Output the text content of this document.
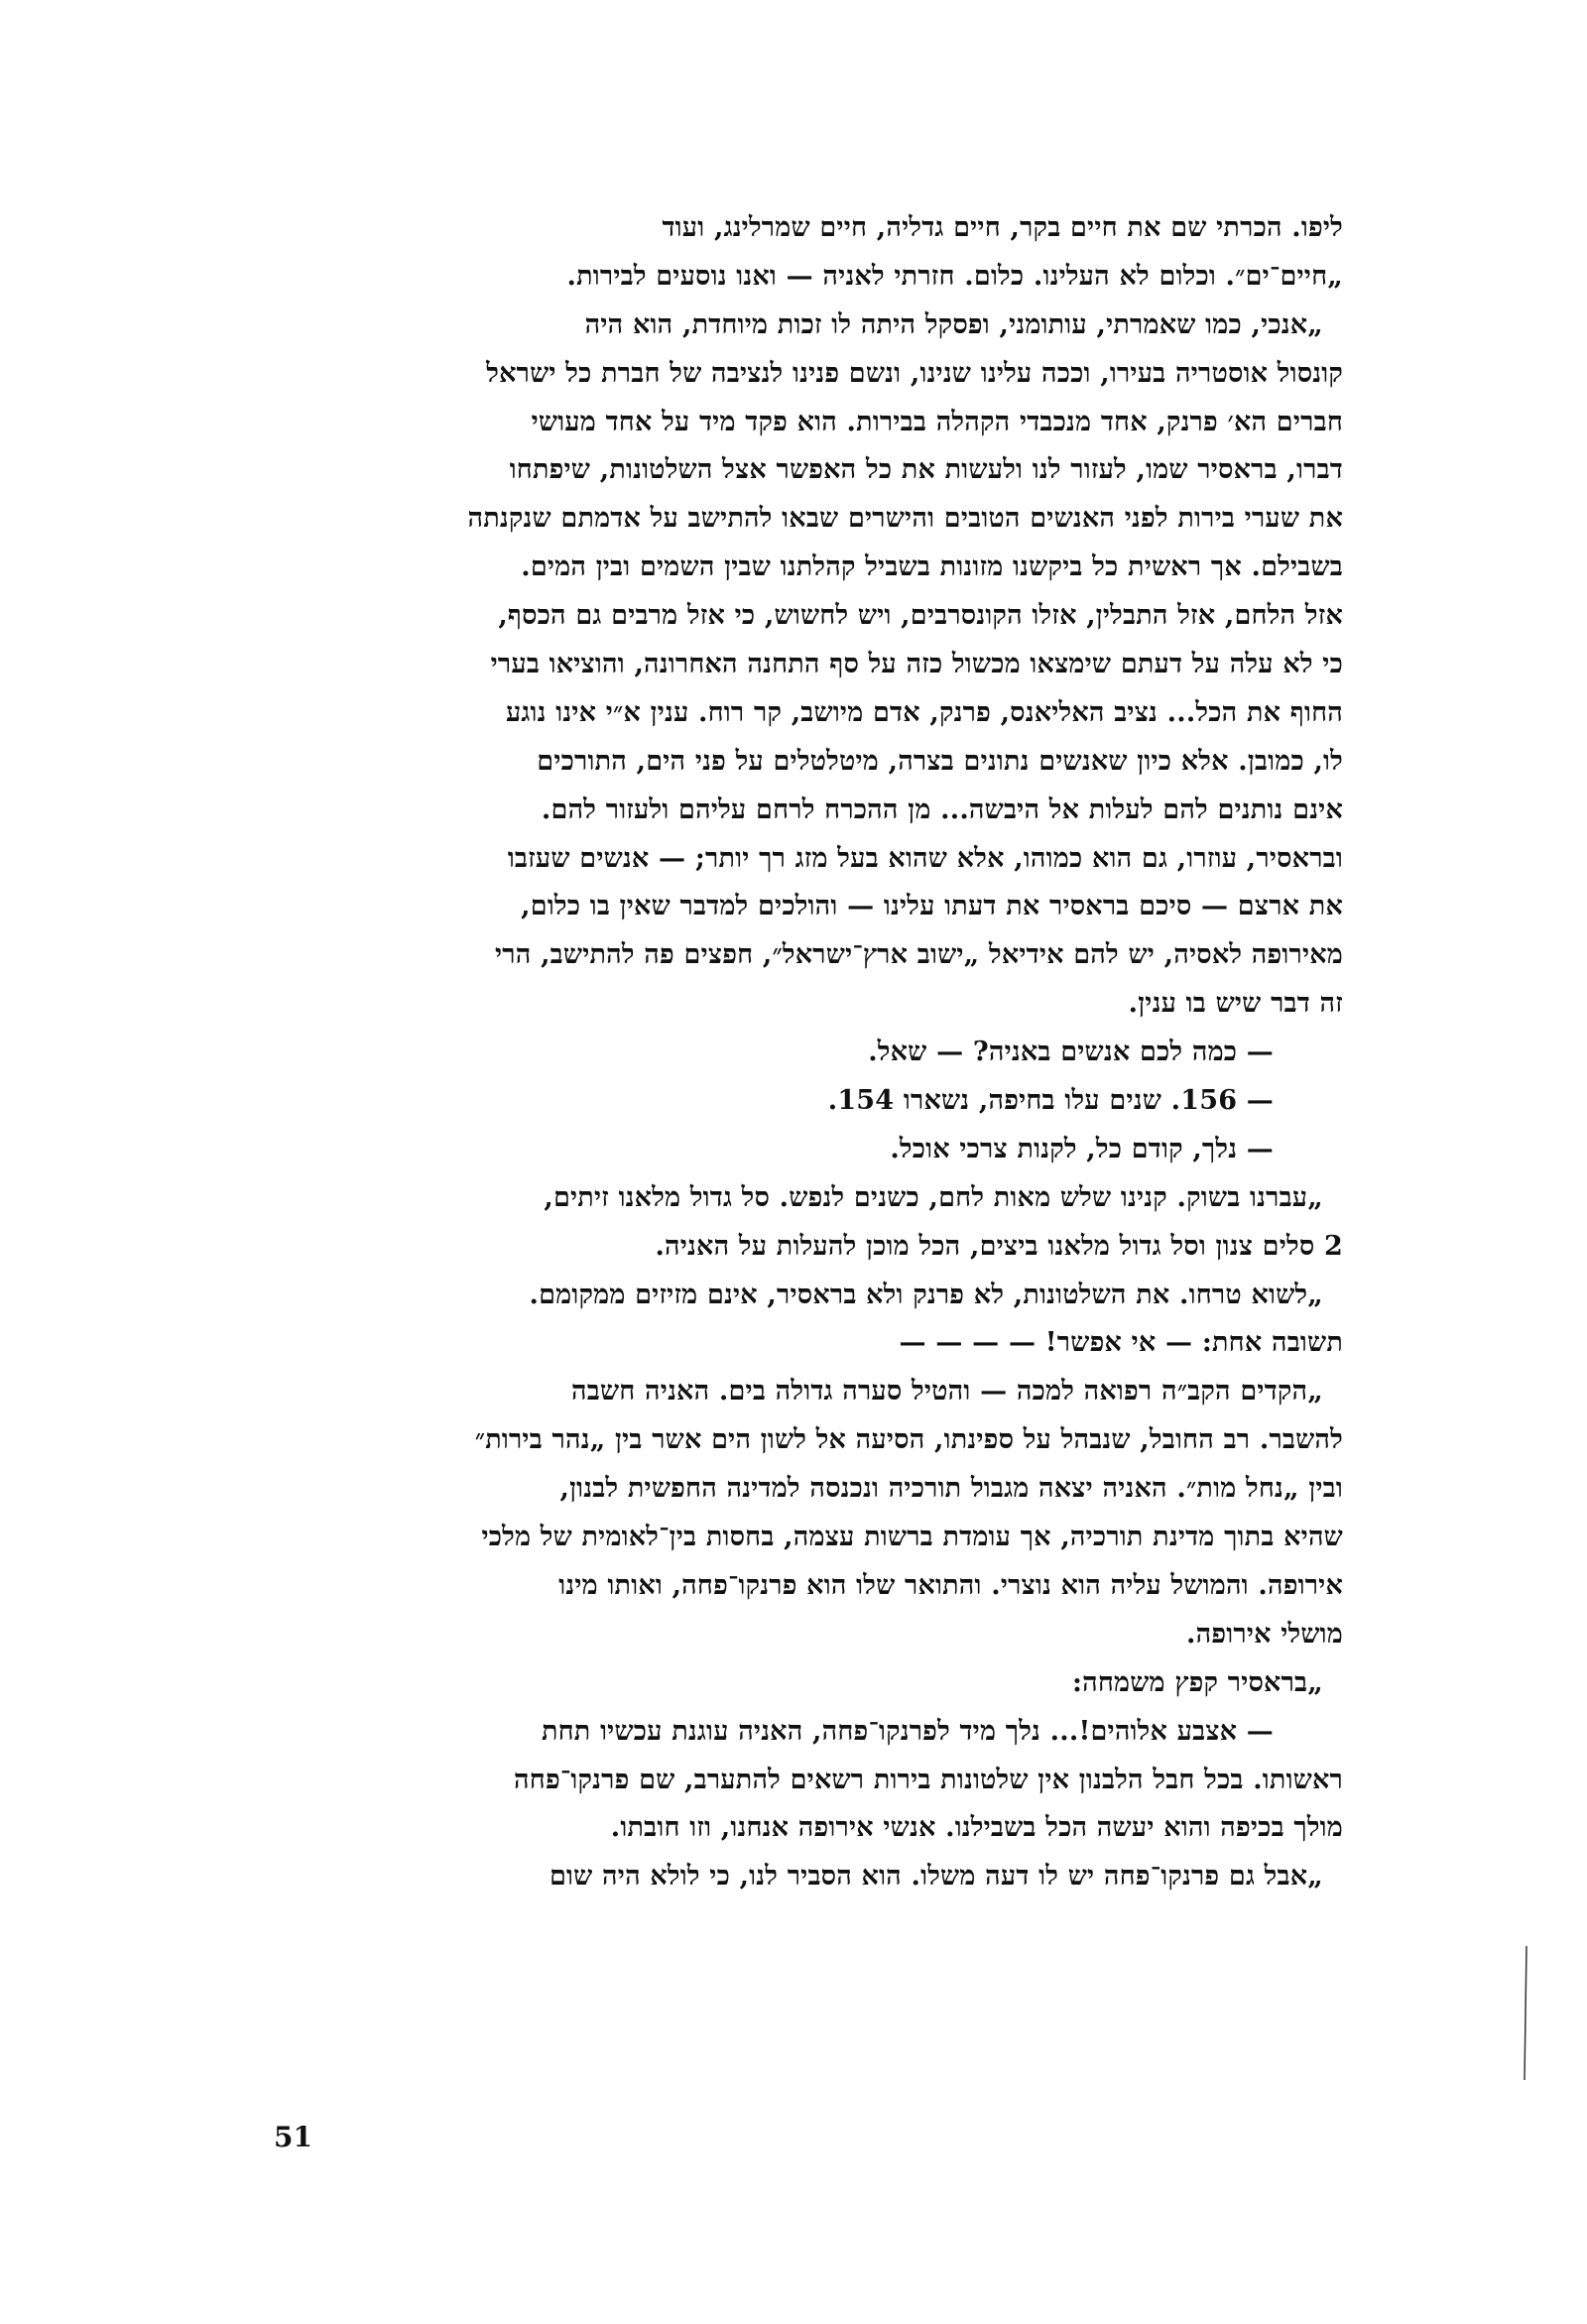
ליפו. הכרתי שם את חיים בקר, חיים גדליה, חיים שמרלינג, ועוד
„חיים־ים״. וכלום לא העלינו. כלום. חזרתי לאניה — ואנו נוסעים לבירות.
„אנכי, כמו שאמרתי, עותומני, ופסקל היתה לו זכות מיוחדת, הוא היה
קונסול אוסטריה בעירו, וככה עלינו שנינו, ונשם פנינו לנציבה של חברת כל ישראל
חברים הא׳ פרנק, אחד מנכבדי הקהלה בבירות. הוא פקד מיד על אחד מעושי
דברו, בראסיר שמו, לעזור לנו ולעשות את כל האפשר אצל השלטונות, שיפתחו
את שערי בירות לפני האנשים הטובים והישרים שבאו להתישב על אדמתם שנקנתה
בשבילם. אך ראשית כל ביקשנו מזונות בשביל קהלתנו שבין השמים ובין המים.
אזל הלחם, אזל התבלין, אזלו הקונסרבים, ויש לחשוש, כי אזל מרבים גם הכסף,
כי לא עלה על דעתם שימצאו מכשול כזה על סף התחנה האחרונה, והוציאו בערי
החוף את הכל... נציב האליאנס, פרנק, אדם מיושב, קר רוח. ענין א״י אינו נוגע
לו, כמובן. אלא כיון שאנשים נתונים בצרה, מיטלטלים על פני הים, התורכים
אינם נותנים להם לעלות אל היבשה... מן ההכרח לרחם עליהם ולעזור להם.
ובראסיר, עוזרו, גם הוא כמוהו, אלא שהוא בעל מזג רך יותר; — אנשים שעזבו
את ארצם — סיכם בראסיר את דעתו עלינו — והולכים למדבר שאין בו כלום,
מאירופה לאסיה, יש להם אידיאל „ישוב ארץ־ישראל״, חפצים פה להתישב, הרי
זה דבר שיש בו ענין.
— כמה לכם אנשים באניה? — שאל.
— 156. שנים עלו בחיפה, נשארו 154.
— נלך, קודם כל, לקנות צרכי אוכל.
„עברנו בשוק. קנינו שלש מאות לחם, כשנים לנפש. סל גדול מלאנו זיתים,
2 סלים צנון וסל גדול מלאנו ביצים, הכל מוכן להעלות על האניה.
„לשוא טרחו. את השלטונות, לא פרנק ולא בראסיר, אינם מזיזים ממקומם.
תשובה אחת: — אי אפשר! — — — —
„הקדים הקב״ה רפואה למכה — והטיל סערה גדולה בים. האניה חשבה
להשבר. רב החובל, שנבהל על ספינתו, הסיעה אל לשון הים אשר בין „נהר בירות״
ובין „נחל מות״. האניה יצאה מגבול תורכיה ונכנסה למדינה החפשית לבנון,
שהיא בתוך מדינת תורכיה, אך עומדת ברשות עצמה, בחסות בין־לאומית של מלכי
אירופה. והמושל עליה הוא נוצרי. והתואר שלו הוא פרנקו־פחה, ואותו מינו
מושלי אירופה.
„בראסיר קפץ משמחה:
— אצבע אלוהים!... נלך מיד לפרנקו־פחה, האניה עוגנת עכשיו תחת
ראשותו. בכל חבל הלבנון אין שלטונות בירות רשאים להתערב, שם פרנקו־פחה
מולך בכיפה והוא יעשה הכל בשבילנו. אנשי אירופה אנחנו, וזו חובתו.
„אבל גם פרנקו־פחה יש לו דעה משלו. הוא הסביר לנו, כי לולא היה שום
51
